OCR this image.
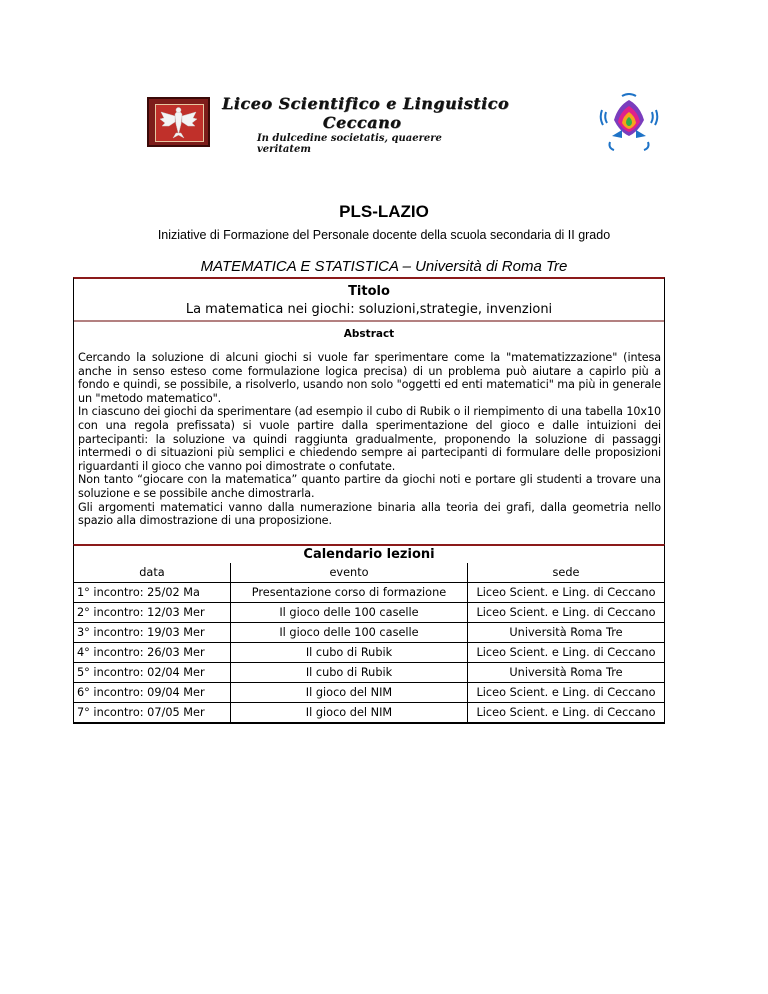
Liceo Scientifico e Linguistico
Ceccano
In dulcedine societatis, quaerere veritatem
PLS-LAZIO
Iniziative di Formazione del Personale docente della scuola secondaria di II grado
MATEMATICA E STATISTICA – Università di Roma Tre
Titolo
La matematica nei giochi: soluzioni,strategie, invenzioni
Abstract

Cercando la soluzione di alcuni giochi si vuole far sperimentare come la "matematizzazione" (intesa anche in senso esteso come formulazione logica precisa) di un problema può aiutare a capirlo più a fondo e quindi, se possibile, a risolverlo, usando non solo "oggetti ed enti matematici" ma più in generale un "metodo matematico".

In ciascuno dei giochi da sperimentare (ad esempio il cubo di Rubik o il riempimento di una tabella 10x10 con una regola prefissata) si vuole partire dalla sperimentazione del gioco e dalle intuizioni dei partecipanti: la soluzione va quindi raggiunta gradualmente, proponendo la soluzione di passaggi intermedi o di situazioni più semplici e chiedendo sempre ai partecipanti di formulare delle proposizioni riguardanti il gioco che vanno poi dimostrate o confutate.

Non tanto “giocare con la matematica” quanto partire da giochi noti e portare gli studenti a trovare una soluzione e se possibile anche dimostrarla.

Gli argomenti matematici vanno dalla numerazione binaria alla teoria dei grafi, dalla geometria nello spazio alla dimostrazione di una proposizione.

Calendario lezioni
data	evento	sede
1° incontro: 25/02 Ma	Presentazione corso di formazione	Liceo Scient. e Ling. di Ceccano
2° incontro: 12/03 Mer	Il gioco delle 100 caselle	Liceo Scient. e Ling. di Ceccano
3° incontro: 19/03 Mer	Il gioco delle 100 caselle	Università Roma Tre
4° incontro: 26/03 Mer	Il cubo di Rubik	Liceo Scient. e Ling. di Ceccano
5° incontro: 02/04 Mer	Il cubo di Rubik	Università Roma Tre
6° incontro: 09/04 Mer	Il gioco del NIM	Liceo Scient. e Ling. di Ceccano
7° incontro: 07/05 Mer	Il gioco del NIM	Liceo Scient. e Ling. di Ceccano
